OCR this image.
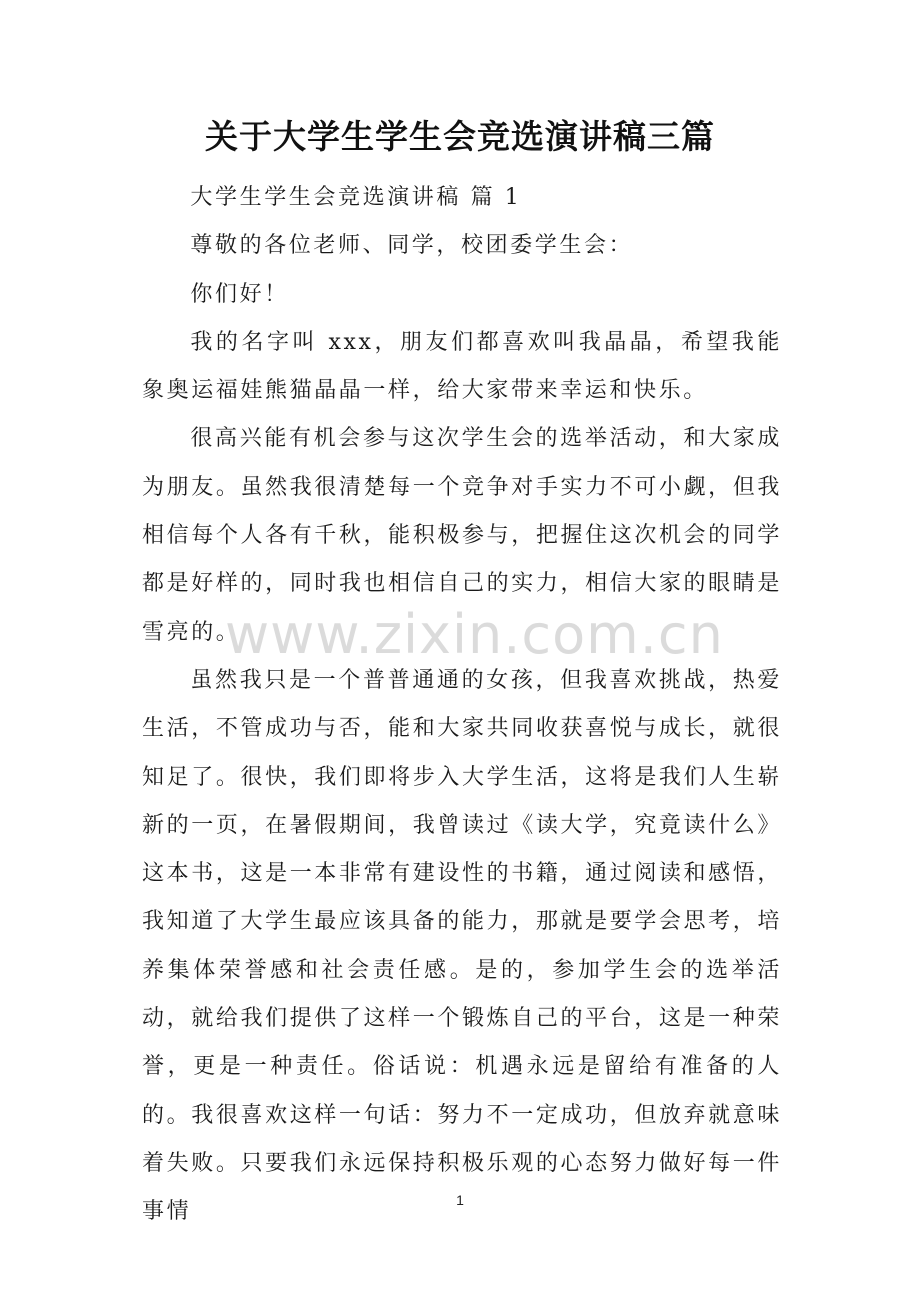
关于大学生学生会竞选演讲稿三篇

大学生学生会竞选演讲稿 篇 1

尊敬的各位老师、同学，校团委学生会：

你们好！

我的名字叫 xxx，朋友们都喜欢叫我晶晶，希望我能象奥运福娃熊猫晶晶一样，给大家带来幸运和快乐。

很高兴能有机会参与这次学生会的选举活动，和大家成为朋友。虽然我很清楚每一个竞争对手实力不可小觑，但我相信每个人各有千秋，能积极参与，把握住这次机会的同学都是好样的，同时我也相信自己的实力，相信大家的眼睛是雪亮的。

虽然我只是一个普普通通的女孩，但我喜欢挑战，热爱生活，不管成功与否，能和大家共同收获喜悦与成长，就很知足了。很快，我们即将步入大学生活，这将是我们人生崭新的一页，在暑假期间，我曾读过《读大学，究竟读什么》这本书，这是一本非常有建设性的书籍，通过阅读和感悟，我知道了大学生最应该具备的能力，那就是要学会思考，培养集体荣誉感和社会责任感。是的，参加学生会的选举活动，就给我们提供了这样一个锻炼自己的平台，这是一种荣誉，更是一种责任。俗话说：机遇永远是留给有准备的人的。我很喜欢这样一句话：努力不一定成功，但放弃就意味着失败。只要我们永远保持积极乐观的心态努力做好每一件事情

www.zixin.com.cn
1
